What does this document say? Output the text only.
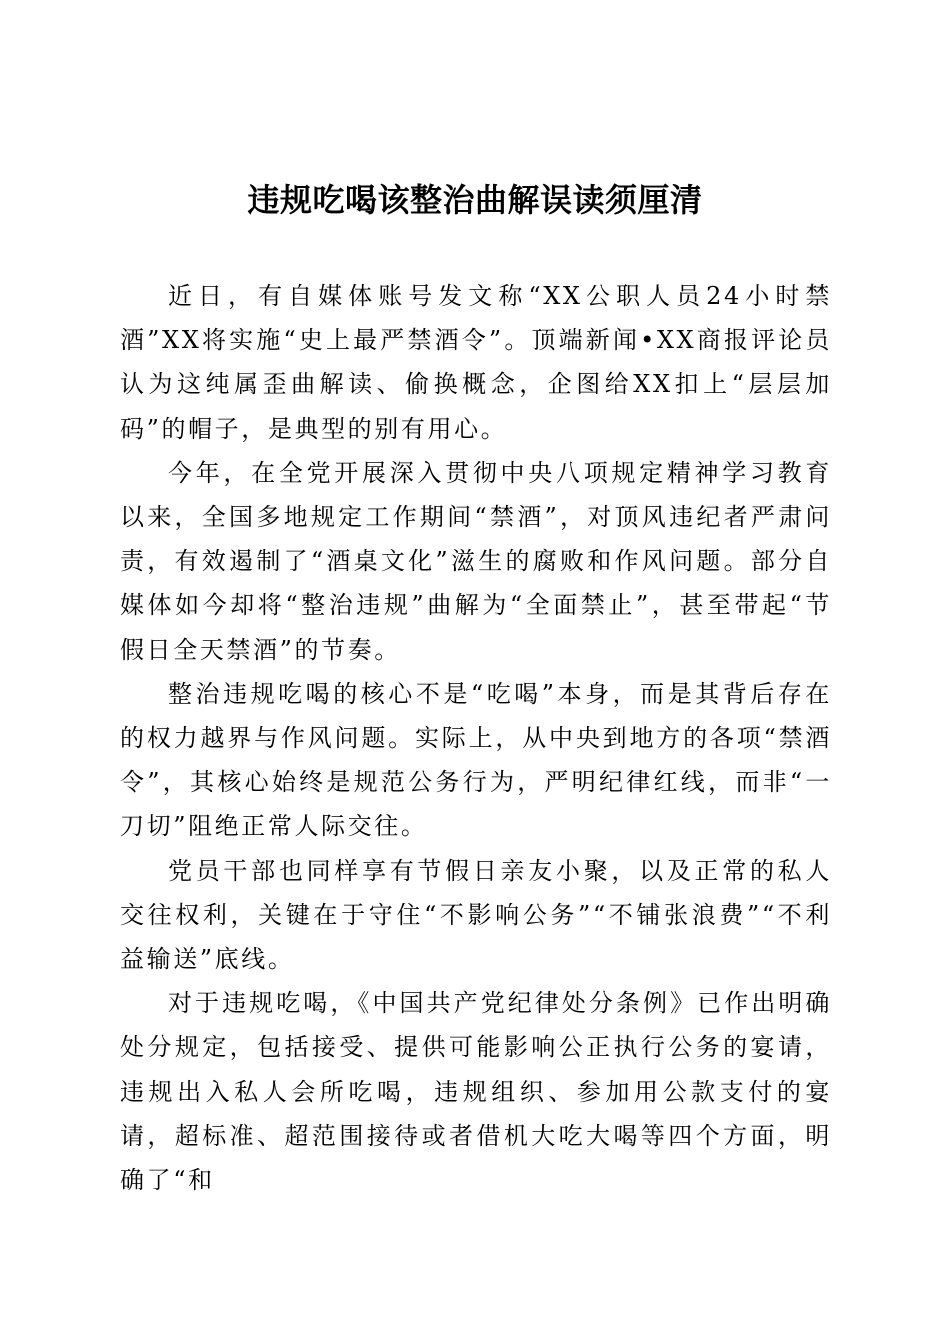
违规吃喝该整治曲解误读须厘清

近日，有自媒体账号发文称“XX公职人员24小时禁酒”XX将实施“史上最严禁酒令”。顶端新闻•XX商报评论员认为这纯属歪曲解读、偷换概念，企图给XX扣上“层层加码”的帽子，是典型的别有用心。

今年，在全党开展深入贯彻中央八项规定精神学习教育以来，全国多地规定工作期间“禁酒”，对顶风违纪者严肃问责，有效遏制了“酒桌文化”滋生的腐败和作风问题。部分自媒体如今却将“整治违规”曲解为“全面禁止”，甚至带起“节假日全天禁酒”的节奏。

整治违规吃喝的核心不是“吃喝”本身，而是其背后存在的权力越界与作风问题。实际上，从中央到地方的各项“禁酒令”，其核心始终是规范公务行为，严明纪律红线，而非“一刀切”阻绝正常人际交往。

党员干部也同样享有节假日亲友小聚，以及正常的私人交往权利，关键在于守住“不影响公务”“不铺张浪费”“不利益输送”底线。

对于违规吃喝，《中国共产党纪律处分条例》已作出明确处分规定，包括接受、提供可能影响公正执行公务的宴请，违规出入私人会所吃喝，违规组织、参加用公款支付的宴请，超标准、超范围接待或者借机大吃大喝等四个方面，明确了“和
